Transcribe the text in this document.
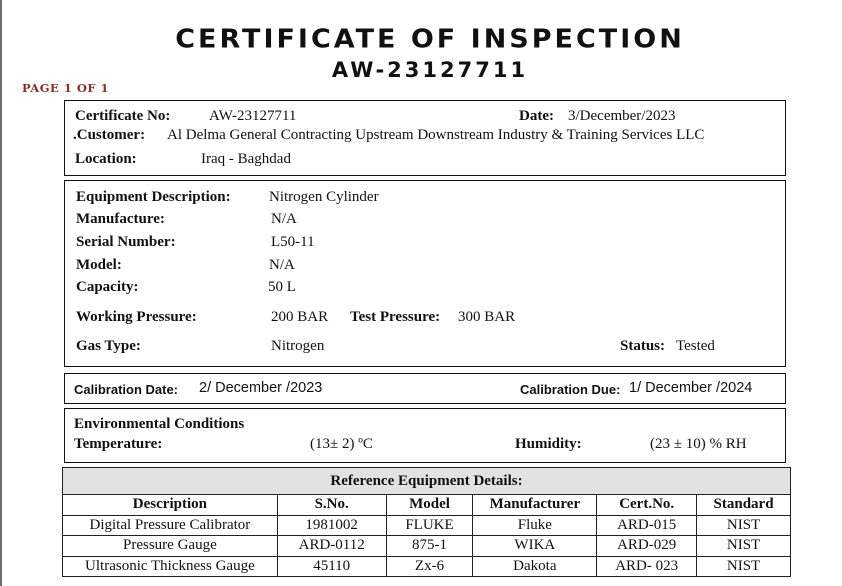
CERTIFICATE OF INSPECTION
AW-23127711
PAGE 1 OF 1
Certificate No:	AW-23127711	Date: 3/December/2023
.Customer: Al Delma General Contracting Upstream Downstream Industry & Training Services LLC
Location:	Iraq - Baghdad
Equipment Description:	Nitrogen Cylinder
Manufacture:	N/A
Serial Number:	L50-11
Model:	N/A
Capacity:	50 L
Working Pressure:	200 BAR Test Pressure: 300 BAR
Gas Type:	Nitrogen	Status: Tested
Calibration Date: 2/ December /2023	Calibration Due: 1/ December /2024
Environmental Conditions
Temperature:	(13± 2) ºC	Humidity:	(23 ± 10) % RH
Reference Equipment Details:					
Description	S.No.	Model	Manufacturer	Cert.No.	Standard
Digital Pressure Calibrator	1981002	FLUKE	Fluke	ARD-015	NIST
Pressure Gauge	ARD-0112	875-1	WIKA	ARD-029	NIST
Ultrasonic Thickness Gauge	45110	Zx-6	Dakota	ARD- 023	NIST
